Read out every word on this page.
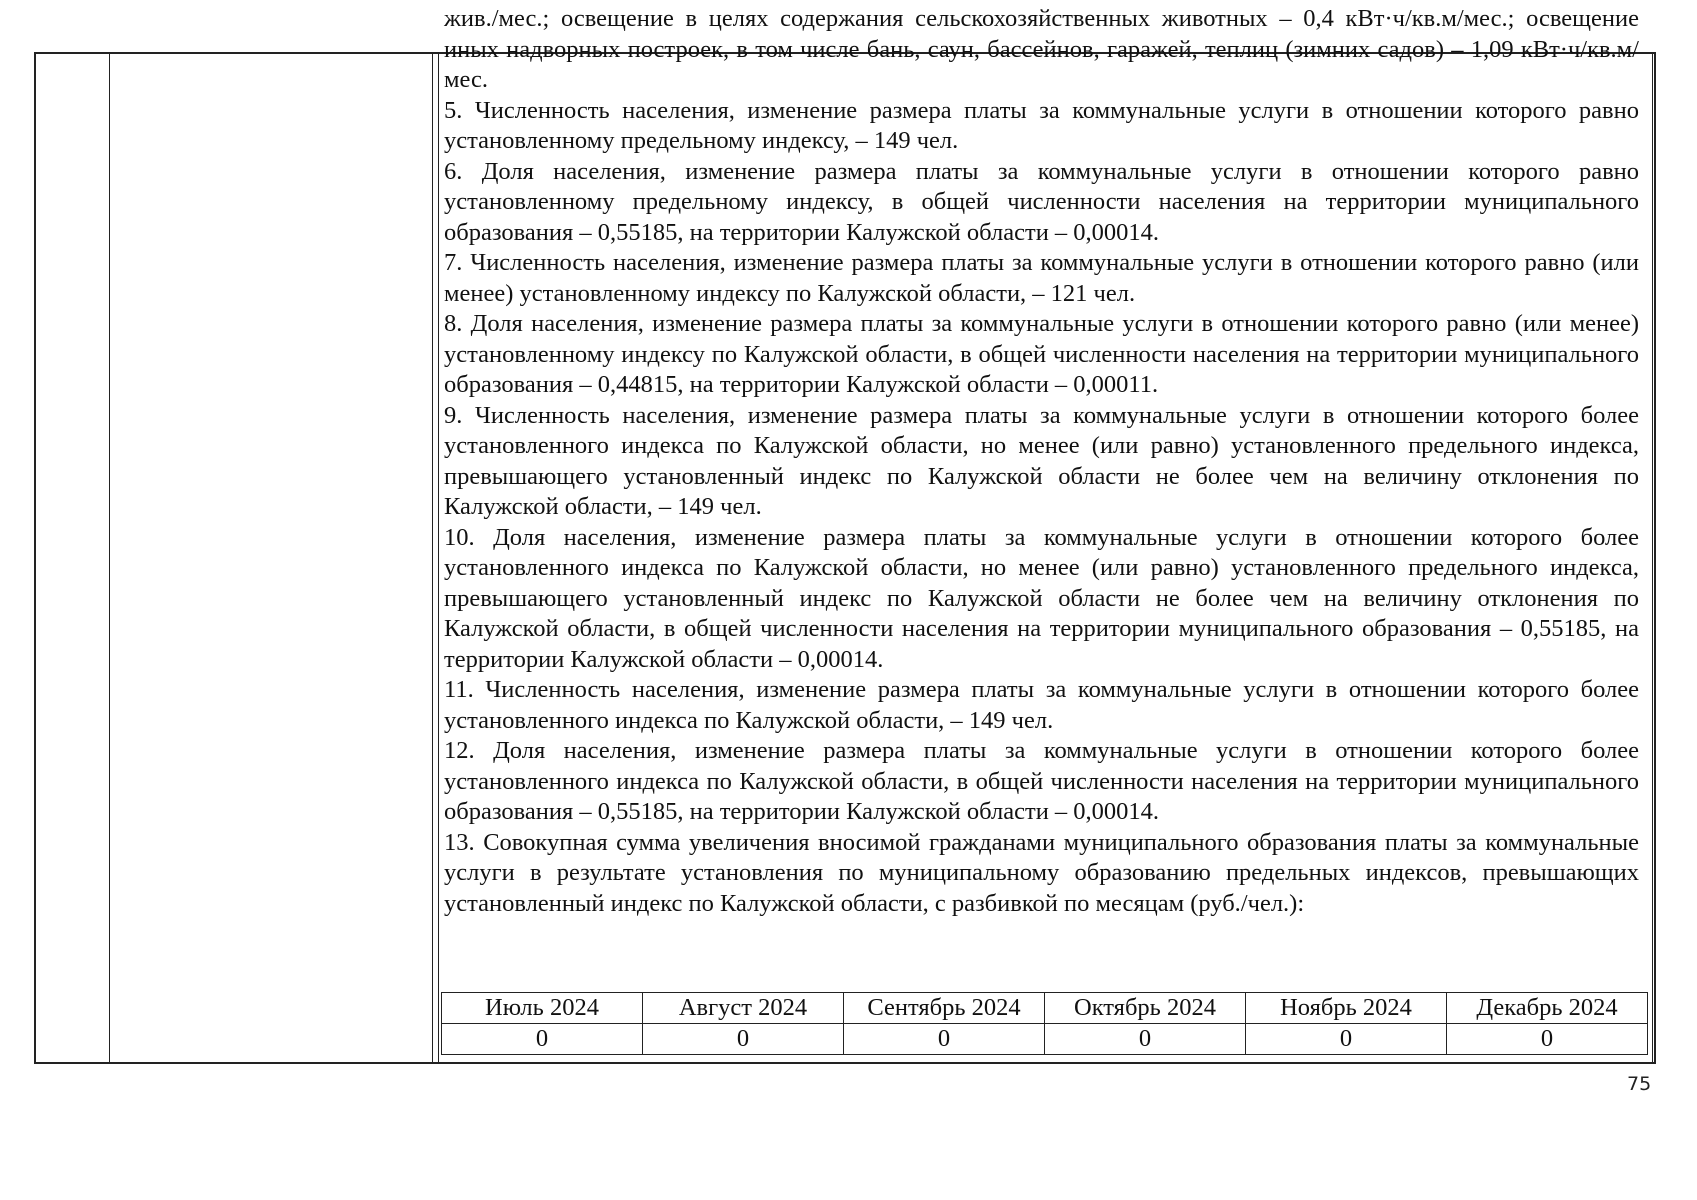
жив./мес.; освещение в целях содержания сельскохозяйственных животных – 0,4 кВт·ч/кв.м/мес.; освещение иных надворных построек, в том числе бань, саун, бассейнов, гаражей, теплиц (зимних садов) – 1,09 кВт·ч/кв.м/мес.

5. Численность населения, изменение размера платы за коммунальные услуги в отношении которого равно установленному предельному индексу, – 149 чел.

6. Доля населения, изменение размера платы за коммунальные услуги в отношении которого равно установленному предельному индексу, в общей численности населения на территории муниципального образования – 0,55185, на территории Калужской области – 0,00014.

7. Численность населения, изменение размера платы за коммунальные услуги в отношении которого равно (или менее) установленному индексу по Калужской области, – 121 чел.

8. Доля населения, изменение размера платы за коммунальные услуги в отношении которого равно (или менее) установленному индексу по Калужской области, в общей численности населения на территории муниципального образования – 0,44815, на территории Калужской области – 0,00011.

9. Численность населения, изменение размера платы за коммунальные услуги в отношении которого более установленного индекса по Калужской области, но менее (или равно) установленного предельного индекса, превышающего установленный индекс по Калужской области не более чем на величину отклонения по Калужской области, – 149 чел.

10. Доля населения, изменение размера платы за коммунальные услуги в отношении которого более установленного индекса по Калужской области, но менее (или равно) установленного предельного индекса, превышающего установленный индекс по Калужской области не более чем на величину отклонения по Калужской области, в общей численности населения на территории муниципального образования – 0,55185, на территории Калужской области – 0,00014.

11. Численность населения, изменение размера платы за коммунальные услуги в отношении которого более установленного индекса по Калужской области, – 149 чел.

12. Доля населения, изменение размера платы за коммунальные услуги в отношении которого более установленного индекса по Калужской области, в общей численности населения на территории муниципального образования – 0,55185, на территории Калужской области – 0,00014.

13. Совокупная сумма увеличения вносимой гражданами муниципального образования платы за коммунальные услуги в результате установления по муниципальному образованию предельных индексов, превышающих установленный индекс по Калужской области, с разбивкой по месяцам (руб./чел.):

Июль 2024	Август 2024	Сентябрь 2024	Октябрь 2024	Ноябрь 2024	Декабрь 2024
0	0	0	0	0	0
75
